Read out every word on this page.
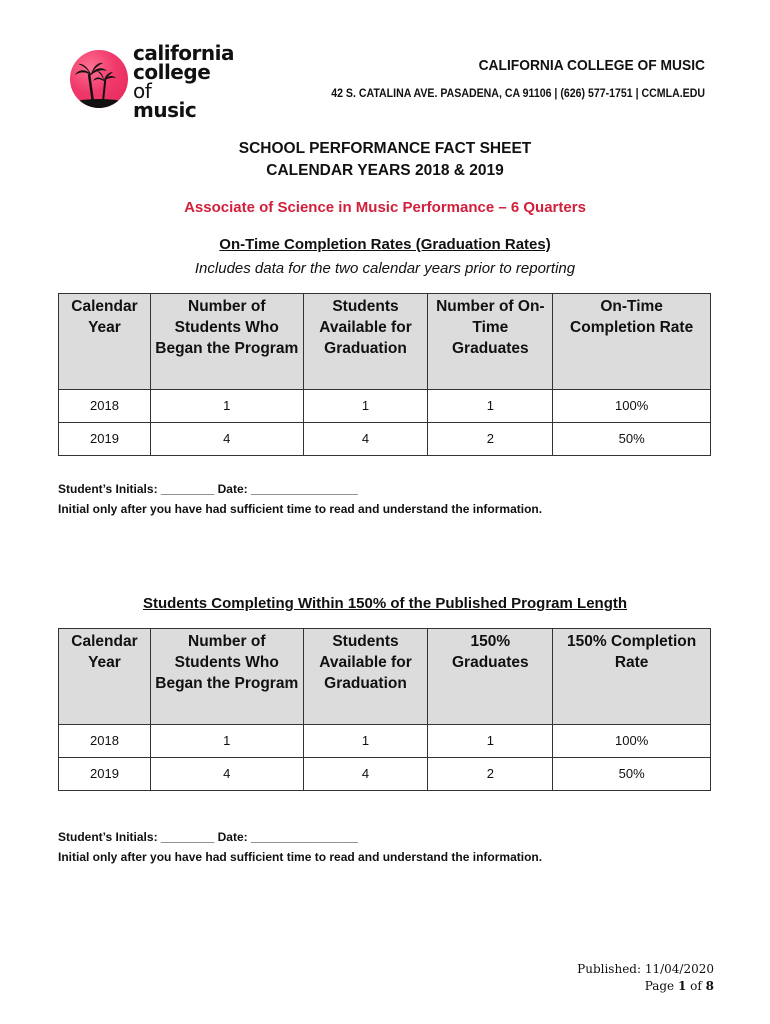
california
college of
music
CALIFORNIA COLLEGE OF MUSIC
42 S. CATALINA AVE. PASADENA, CA 91106 | (626) 577-1751 | CCMLA.EDU
SCHOOL PERFORMANCE FACT SHEET
CALENDAR YEARS 2018 & 2019
Associate of Science in Music Performance – 6 Quarters
On-Time Completion Rates (Graduation Rates)
Includes data for the two calendar years prior to reporting
Calendar Year	Number of Students Who Began the Program	Students Available for Graduation	Number of On-Time Graduates	On-Time Completion Rate
2018	1	1	1	100%
2019	4	4	2	50%
Student’s Initials: ________ Date: ________________
Initial only after you have had sufficient time to read and understand the information.
Students Completing Within 150% of the Published Program Length
Calendar Year	Number of Students Who Began the Program	Students Available for Graduation	150% Graduates	150% Completion Rate
2018	1	1	1	100%
2019	4	4	2	50%
Student’s Initials: ________ Date: ________________
Initial only after you have had sufficient time to read and understand the information.
Published: 11/04/2020
Page 1 of 8
